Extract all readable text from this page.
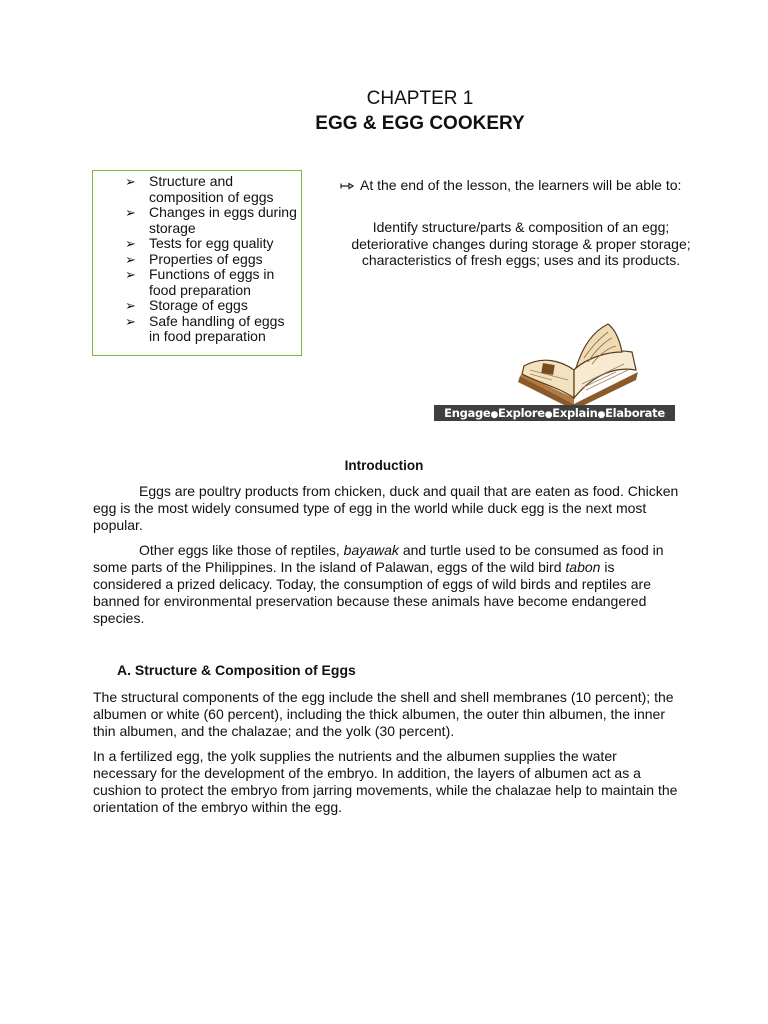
CHAPTER 1
EGG & EGG COOKERY
➢ Structure and composition of eggs
➢ Changes in eggs during storage
➢ Tests for egg quality
➢ Properties of eggs
➢ Functions of eggs in food preparation
➢ Storage of eggs
➢ Safe handling of eggs in food preparation
At the end of the lesson, the learners will be able to:
Identify structure/parts & composition of an egg; deteriorative changes during storage & proper storage; characteristics of fresh eggs; uses and its products.
Engage●Explore●Explain●Elaborate
Introduction

Eggs are poultry products from chicken, duck and quail that are eaten as food. Chicken egg is the most widely consumed type of egg in the world while duck egg is the next most popular.

Other eggs like those of reptiles, bayawak and turtle used to be consumed as food in some parts of the Philippines. In the island of Palawan, eggs of the wild bird tabon is considered a prized delicacy. Today, the consumption of eggs of wild birds and reptiles are banned for environmental preservation because these animals have become endangered species.

A. Structure & Composition of Eggs

The structural components of the egg include the shell and shell membranes (10 percent); the albumen or white (60 percent), including the thick albumen, the outer thin albumen, the inner thin albumen, and the chalazae; and the yolk (30 percent).

In a fertilized egg, the yolk supplies the nutrients and the albumen supplies the water necessary for the development of the embryo. In addition, the layers of albumen act as a cushion to protect the embryo from jarring movements, while the chalazae help to maintain the orientation of the embryo within the egg.
